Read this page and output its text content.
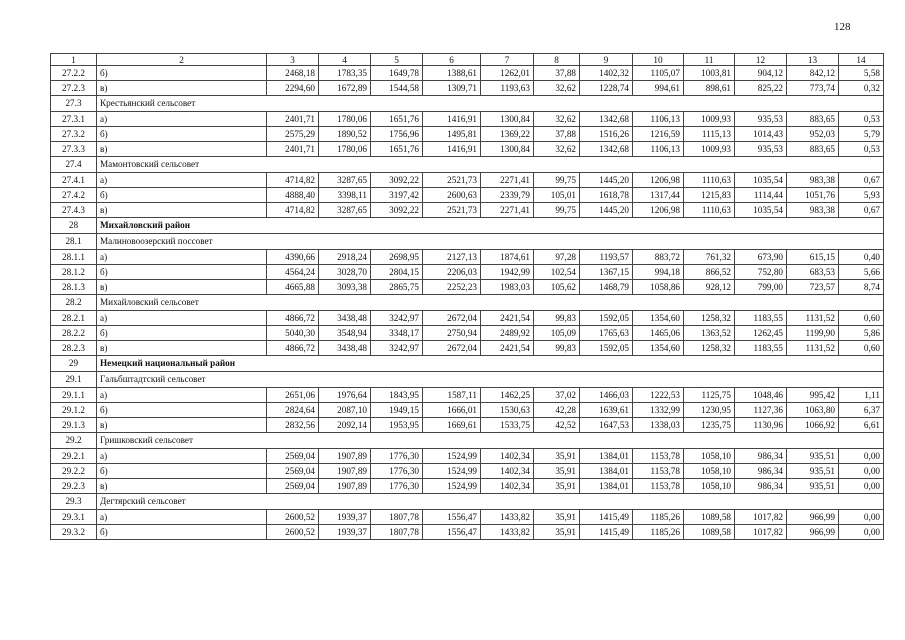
128
1	2	3	4	5	6	7	8	9	10	11	12	13	14
27.2.2	б)	2468,18	1783,35	1649,78	1388,61	1262,01	37,88	1402,32	1105,07	1003,81	904,12	842,12	5,58
27.2.3	в)	2294,60	1672,89	1544,58	1309,71	1193,63	32,62	1228,74	994,61	898,61	825,22	773,74	0,32
27.3	Крестьянский сельсовет												
27.3.1	а)	2401,71	1780,06	1651,76	1416,91	1300,84	32,62	1342,68	1106,13	1009,93	935,53	883,65	0,53
27.3.2	б)	2575,29	1890,52	1756,96	1495,81	1369,22	37,88	1516,26	1216,59	1115,13	1014,43	952,03	5,79
27.3.3	в)	2401,71	1780,06	1651,76	1416,91	1300,84	32,62	1342,68	1106,13	1009,93	935,53	883,65	0,53
27.4	Мамонтовский сельсовет												
27.4.1	а)	4714,82	3287,65	3092,22	2521,73	2271,41	99,75	1445,20	1206,98	1110,63	1035,54	983,38	0,67
27.4.2	б)	4888,40	3398,11	3197,42	2600,63	2339,79	105,01	1618,78	1317,44	1215,83	1114,44	1051,76	5,93
27.4.3	в)	4714,82	3287,65	3092,22	2521,73	2271,41	99,75	1445,20	1206,98	1110,63	1035,54	983,38	0,67
28	Михайловский район												
28.1	Малиновоозерский поссовет												
28.1.1	а)	4390,66	2918,24	2698,95	2127,13	1874,61	97,28	1193,57	883,72	761,32	673,90	615,15	0,40
28.1.2	б)	4564,24	3028,70	2804,15	2206,03	1942,99	102,54	1367,15	994,18	866,52	752,80	683,53	5,66
28.1.3	в)	4665,88	3093,38	2865,75	2252,23	1983,03	105,62	1468,79	1058,86	928,12	799,00	723,57	8,74
28.2	Михайловский сельсовет												
28.2.1	а)	4866,72	3438,48	3242,97	2672,04	2421,54	99,83	1592,05	1354,60	1258,32	1183,55	1131,52	0,60
28.2.2	б)	5040,30	3548,94	3348,17	2750,94	2489,92	105,09	1765,63	1465,06	1363,52	1262,45	1199,90	5,86
28.2.3	в)	4866,72	3438,48	3242,97	2672,04	2421,54	99,83	1592,05	1354,60	1258,32	1183,55	1131,52	0,60
29	Немецкий национальный район												
29.1	Гальбштадтский сельсовет												
29.1.1	а)	2651,06	1976,64	1843,95	1587,11	1462,25	37,02	1466,03	1222,53	1125,75	1048,46	995,42	1,11
29.1.2	б)	2824,64	2087,10	1949,15	1666,01	1530,63	42,28	1639,61	1332,99	1230,95	1127,36	1063,80	6,37
29.1.3	в)	2832,56	2092,14	1953,95	1669,61	1533,75	42,52	1647,53	1338,03	1235,75	1130,96	1066,92	6,61
29.2	Гришковский сельсовет												
29.2.1	а)	2569,04	1907,89	1776,30	1524,99	1402,34	35,91	1384,01	1153,78	1058,10	986,34	935,51	0,00
29.2.2	б)	2569,04	1907,89	1776,30	1524,99	1402,34	35,91	1384,01	1153,78	1058,10	986,34	935,51	0,00
29.2.3	в)	2569,04	1907,89	1776,30	1524,99	1402,34	35,91	1384,01	1153,78	1058,10	986,34	935,51	0,00
29.3	Дегтярский сельсовет												
29.3.1	а)	2600,52	1939,37	1807,78	1556,47	1433,82	35,91	1415,49	1185,26	1089,58	1017,82	966,99	0,00
29.3.2	б)	2600,52	1939,37	1807,78	1556,47	1433,82	35,91	1415,49	1185,26	1089,58	1017,82	966,99	0,00
